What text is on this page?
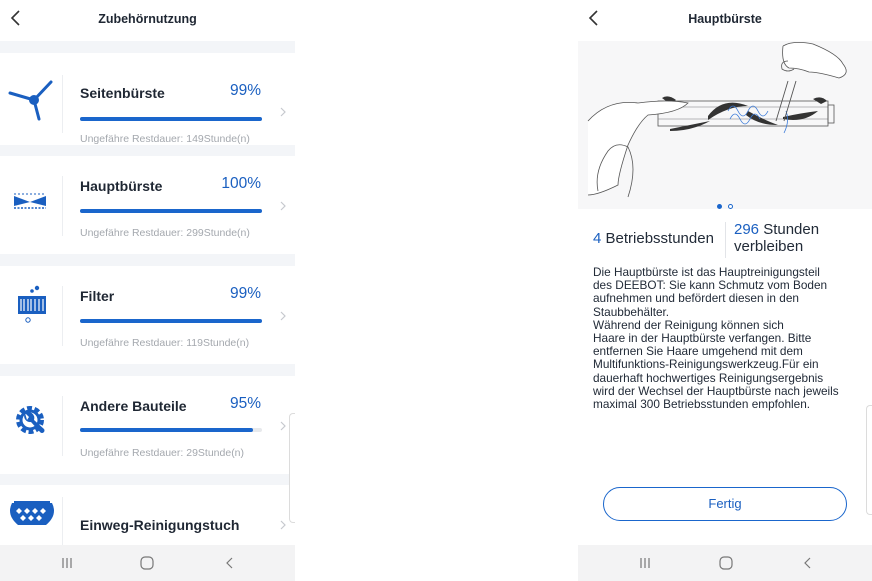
Zubehörnutzung
Seitenbürste	99%
Ungefähre Restdauer: 149Stunde(n)
Hauptbürste	100%
Ungefähre Restdauer: 299Stunde(n)
Filter	99%
Ungefähre Restdauer: 119Stunde(n)
Andere Bauteile	95%
Ungefähre Restdauer: 29Stunde(n)
Einweg-Reinigungstuch
Hauptbürste
4 Betriebsstunden
296 Stunden
verbleiben

Die Hauptbürste ist das Hauptreinigungsteil

des DEEBOT: Sie kann Schmutz vom Boden

aufnehmen und befördert diesen in den

Staubbehälter.

Während der Reinigung können sich

Haare in der Hauptbürste verfangen. Bitte

entfernen Sie Haare umgehend mit dem

Multifunktions-Reinigungswerkzeug.Für ein

dauerhaft hochwertiges Reinigungsergebnis

wird der Wechsel der Hauptbürste nach jeweils

maximal 300 Betriebsstunden empfohlen.

Fertig
